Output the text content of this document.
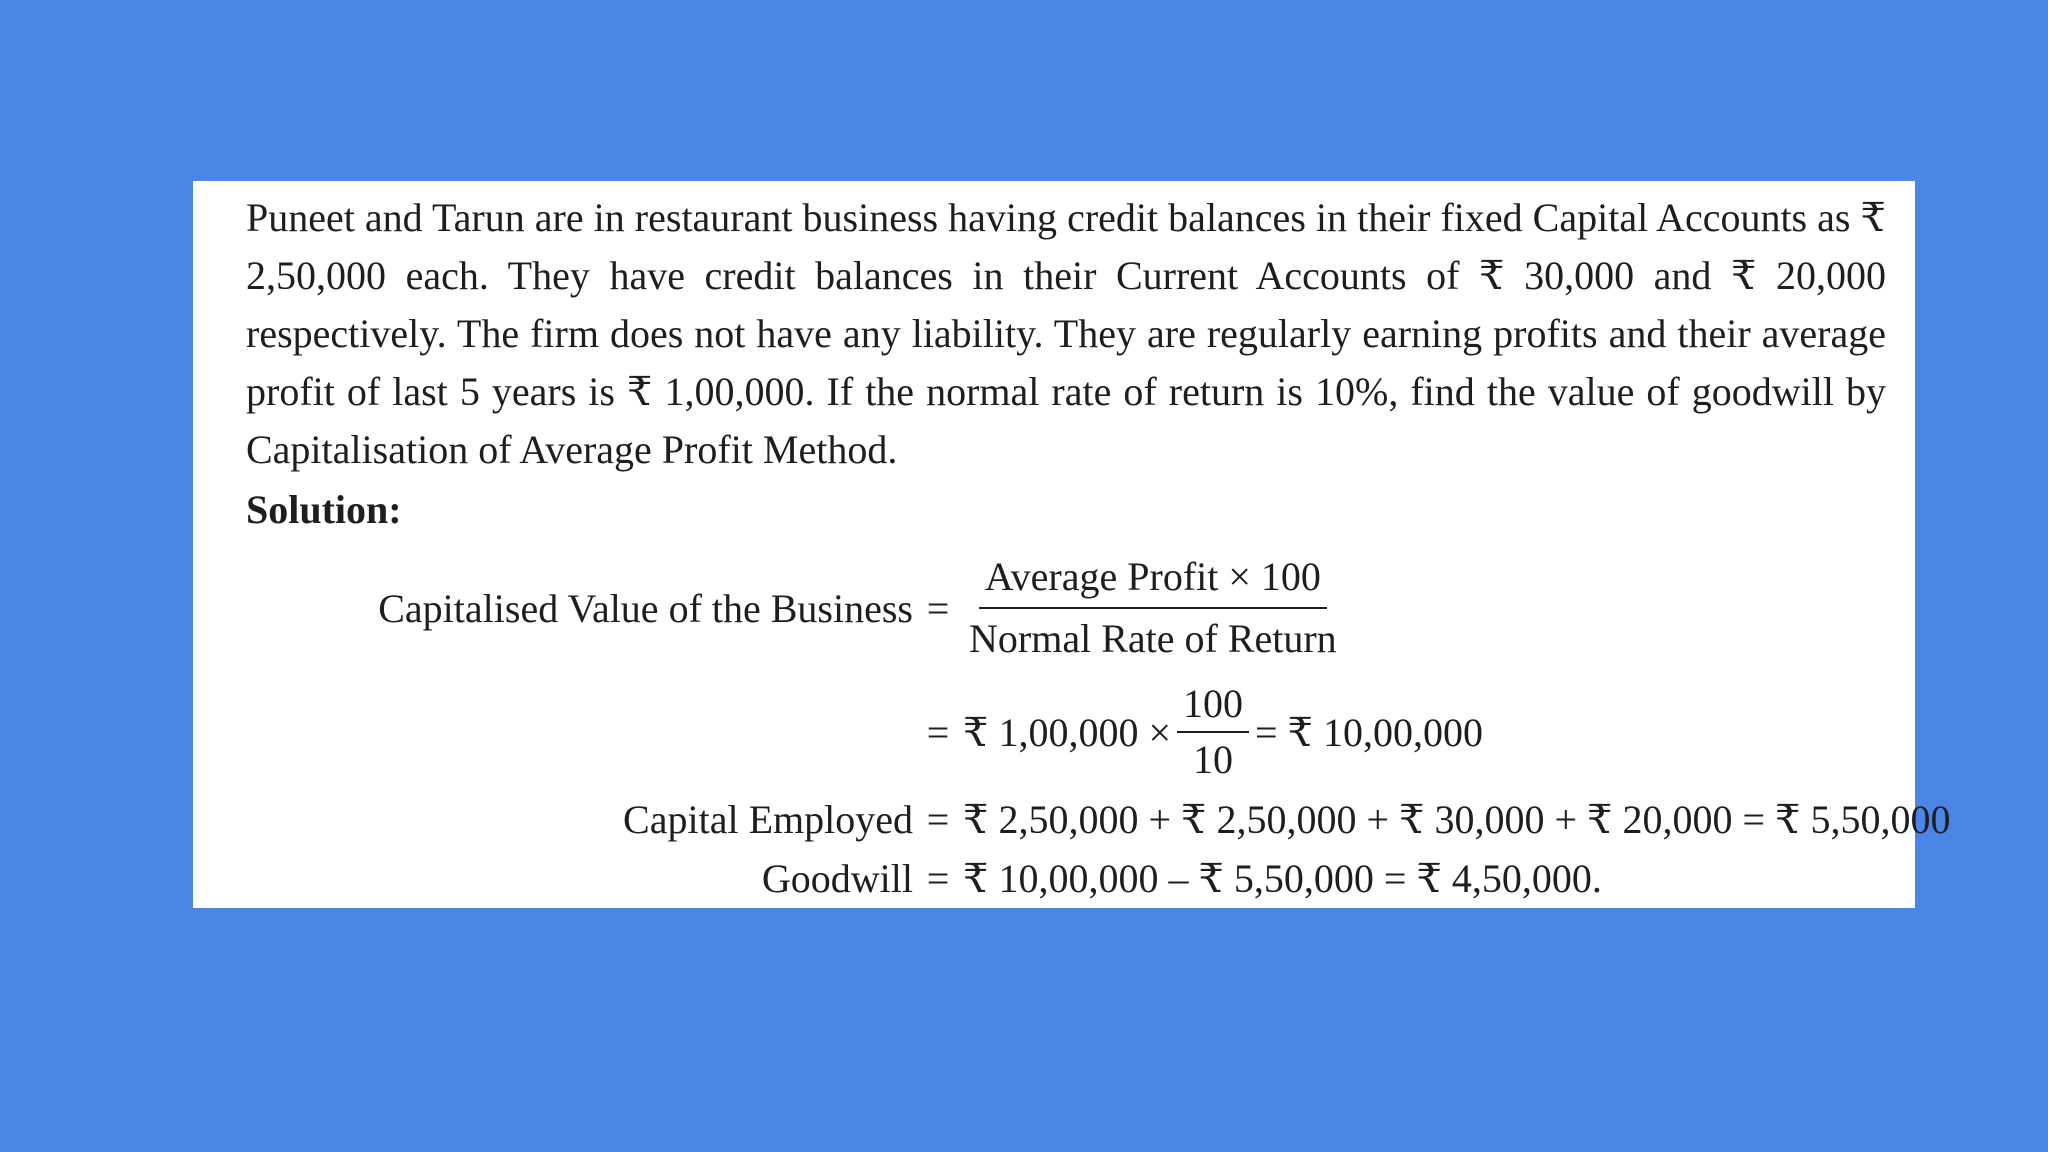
Puneet and Tarun are in restaurant business having credit balances in their fixed Capital Accounts as ₹ 2,50,000 each. They have credit balances in their Current Accounts of ₹ 30,000 and ₹ 20,000 respectively. The firm does not have any liability. They are regularly earning profits and their average profit of last 5 years is ₹ 1,00,000. If the normal rate of return is 10%, find the value of goodwill by Capitalisation of Average Profit Method.

Solution:

Capitalised Value of the Business = $\frac{\text{Average Profit × 100}}{\text{Normal Rate of Return}}$
= ₹ $1,00,000 \times \frac{100}{10}$ = ₹ 10,00,000
Capital Employed = ₹ 2,50,000 + ₹ 2,50,000 + ₹ 30,000 + ₹ 20,000 = ₹ 5,50,000
Goodwill = ₹ 10,00,000 – ₹ 5,50,000 = ₹ 4,50,000.
